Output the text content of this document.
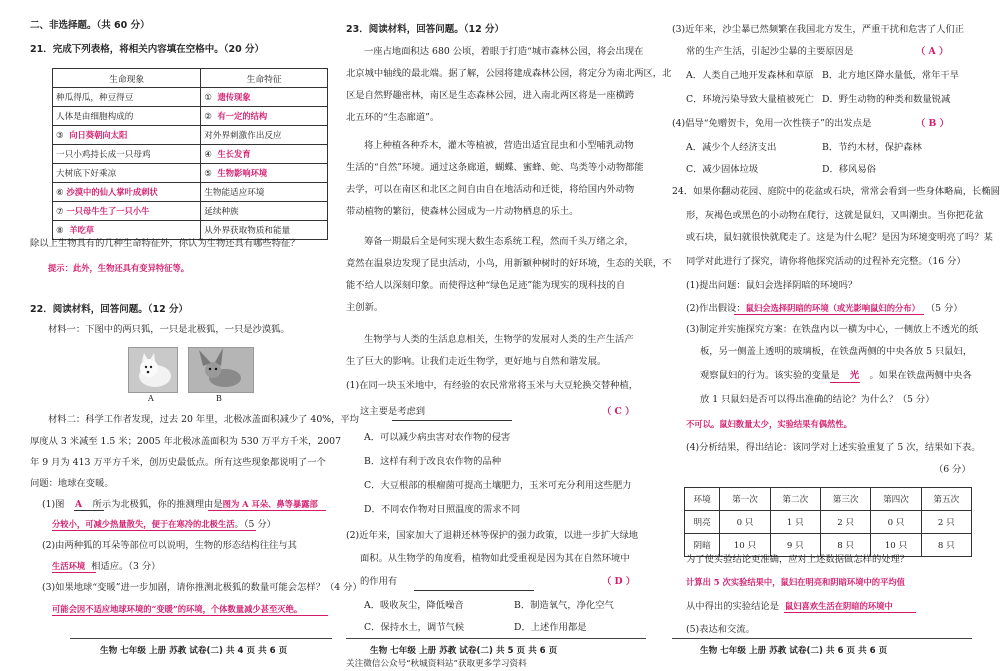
二、非选择题。（共 60 分）
21．完成下列表格，将相关内容填在空格中。（20 分）
生命现象	生命特征
种瓜得瓜，种豆得豆	① 遗传现象
人体是由细胞构成的	② 有一定的结构
③ 向日葵朝向太阳	对外界刺激作出反应
一只小鸡持长成一只母鸡	④ 生长发育
大树底下好乘凉	⑤ 生物影响环境
⑥ 沙漠中的仙人掌叶成刺状	生物能适应环境
⑦ 一只母牛生了一只小牛	延续种族
⑧ 羊吃草	从外界获取物质和能量
除以上生物具有的几种生命特征外，你认为生物还具有哪些特征？
提示：此外，生物还具有变异特征等。
22．阅读材料，回答问题。（12 分）
材料一：下图中的两只狐，一只是北极狐，一只是沙漠狐。
A	B
材料二：科学工作者发现，过去 20 年里，北极冰盖面积减少了 40%，平均
厚度从 3 米减至 1.5 米；2005 年北极冰盖面积为 530 万平方千米，2007
年 9 月为 413 万平方千米，创历史最低点。所有这些现象都说明了一个
问题：地球在变暖。
(1)图 A 所示为北极狐，你的推测理由是图为 A 耳朵、鼻等暴露部
分较小，可减少热量散失，便于在寒冷的北极生活。（5 分）
(2)由两种狐的耳朵等部位可以说明，生物的形态结构往往与其
生活环境 相适应。（3 分）
(3)如果地球“变暖”进一步加剧，请你推测北极狐的数量可能会怎样？（4 分）
可能会因不适应地球环境的“变暖”的环境，个体数量减少甚至灭绝。
生物 七年级 上册 苏教 试卷(二) 共 4 页 共 6 页
23．阅读材料，回答问题。（12 分）
一座占地面积达 680 公顷，着眼于打造“城市森林公园，将会出现在
北京城中轴线的最北端。据了解，公园将建成森林公园，将定分为南北两区，北
区是自然野趣密林，南区是生态森林公园，进入南北两区将是一座横跨
北五环的“生态廊道”。
将上种植各种乔木，灌木等植被，营造出适宜昆虫和小型哺乳动物
生活的“自然”环境。通过这条廊道，蝴蝶、蜜蜂、蛇、鸟类等小动物都能
去学，可以在南区和北区之间自由自在地活动和迁徙，将给国内外动物
带动植物的繁衍，使森林公园成为一片动物栖息的乐土。
筹备一期最后全是何实现大数生态系统工程，然而千头万绪之余，
竟然在温泉边发现了昆虫活动，小鸟，用新颖种树时的好环境，生态的关联，不
能不给人以深刻印象。而使得这种“绿色足迹”能为现实的现科技的自
主创新。
生物学与人类的生活息息相关，生物学的发展对人类的生产生活产
生了巨大的影响。让我们走近生物学，更好地与自然和谐发展。
(1)在同一块玉米地中，有经验的农民常常将玉米与大豆轮换交替种植，
这主要是考虑到	（ C ）
A．可以减少病虫害对农作物的侵害
B．这样有利于改良农作物的品种
C．大豆根部的根瘤菌可提高土壤肥力，玉米可充分利用这些肥力
D．不同农作物对日照温度的需求不同
(2)近年来，国家加大了退耕还林等保护的强力政策，以进一步扩大绿地
面积。从生物学的角度看，植物如此受重视是因为其在自然环境中
的作用有	（ D ）
A．吸收灰尘，降低噪音	B．制造氧气，净化空气
C．保持水土，调节气候	D．上述作用都是
生物 七年级 上册 苏教 试卷(二) 共 5 页 共 6 页
关注微信公众号“秋城资料站”获取更多学习资料
(3)近年来，沙尘暴已然频繁在我国北方发生，严重干扰和危害了人们正
常的生产生活，引起沙尘暴的主要原因是	（ A ）
A．人类自己地开发森林和草原 B．北方地区降水量低，常年干旱
C．环境污染导致大量植被死亡 D．野生动物的种类和数量锐减
(4)倡导“免赠贺卡，免用一次性筷子”的出发点是	（ B ）
A．减少个人经济支出	B．节约木材，保护森林
C．减少固体垃圾	D．移风易俗
24．如果你翻动花园、庭院中的花盆或石块，常常会看到一些身体略扁，长椭圆
形，灰褐色或黑色的小动物在爬行，这就是鼠妇，又叫潮虫。当你把花盆
或石块，鼠妇就很快就爬走了。这是为什么呢？是因为环境变明亮了吗？某
同学对此进行了探究，请你将他探究活动的过程补充完整。（16 分）
(1)提出问题：鼠妇会选择阴暗的环境吗？
(2)作出假设：鼠妇会选择阴暗的环境（或光影响鼠妇的分布） （5 分）
(3)制定并实施探究方案：在铁盘内以一横为中心，一侧放上不透光的纸
板，另一侧盖上透明的玻璃板，在铁盘两侧的中央各放 5 只鼠妇，
观察鼠妇的行为。该实验的变量是 光 。如果在铁盘两侧中央各
放 1 只鼠妇是否可以得出准确的结论？为什么？（5 分）
不可以。鼠妇数量太少，实验结果有偶然性。
(4)分析结果，得出结论：该同学对上述实验重复了 5 次，结果如下表。
（6 分）
环境	第一次	第二次	第三次	第四次	第五次
明亮	0 只	1 只	2 只	0 只	2 只
阴暗	10 只	9 只	8 只	10 只	8 只
为了使实验结论更准确，应对上述数据做怎样的处理？
计算出 5 次实验结果中，鼠妇在明亮和阴暗环境中的平均值
从中得出的实验结论是 鼠妇喜欢生活在阴暗的环境中
(5)表达和交流。
生物 七年级 上册 苏教 试卷(二) 共 6 页 共 6 页
